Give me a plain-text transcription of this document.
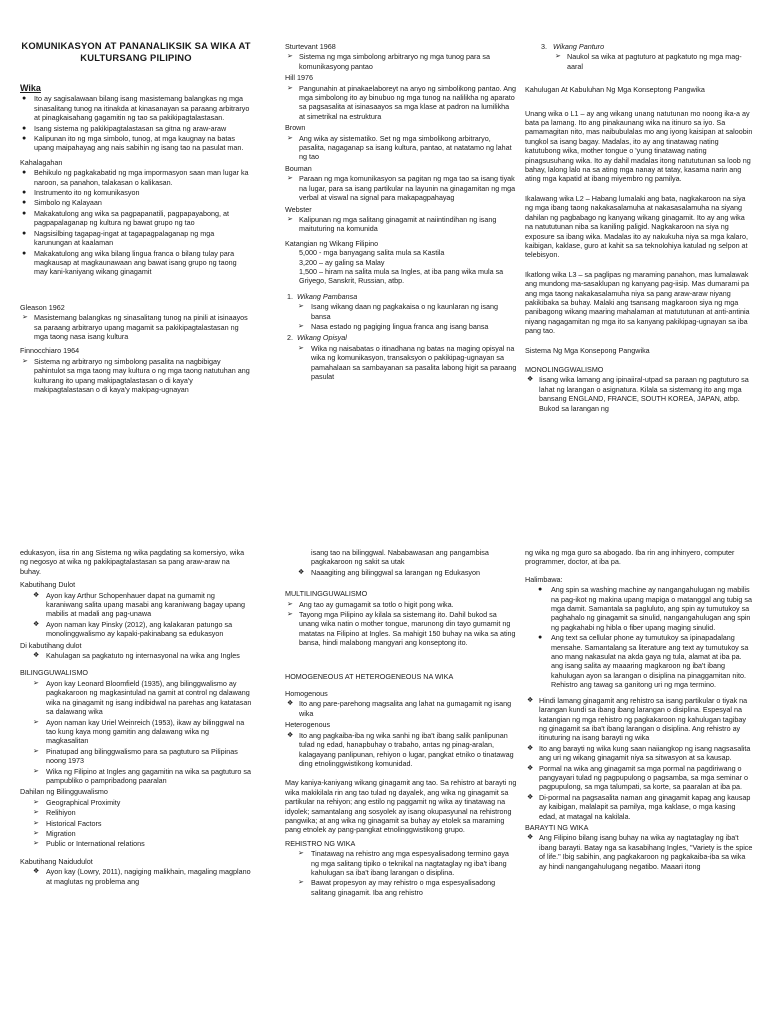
KOMUNIKASYON AT PANANALIKSIK SA WIKA AT KULTURSANG PILIPINO
Wika
● Ito ay sagisalawaan bilang isang masistemang balangkas ng mga sinasalitang tunog na itinakda at kinasanayan sa paraang arbitraryo at pinagkaisahang gagamitin ng tao sa pakikipagtalastasan.
● Isang sistema ng pakikipagtalastasan sa gitna ng araw-araw
● Kalipunan ito ng mga simbolo, tunog, at mga kaugnay na batas upang maipahayag ang nais sabihin ng isang tao na pasulat man.
Kahalagahan
● Behikulo ng pagkakabatid ng mga impormasyon saan man lugar ka naroon, sa panahon, talakasan o kalikasan.
● Instrumento ito ng komunikasyon
● Simbolo ng Kalayaan
● Makakatulong ang wika sa pagpapanatili, pagpapayabong, at pagpapalaganap ng kultura ng bawat grupo ng tao
● Nagsisilbing tagapag-ingat at tagapagpalaganap ng mga karunungan at kaalaman
● Makakatulong ang wika bilang lingua franca o bilang tulay para magkausap at magkaunawaan ang bawat isang grupo ng taong may kani-kaniyang wikang ginagamit
Gleason 1962
➢ Masistemang balangkas ng sinasalitang tunog na pinili at isinaayos sa paraang arbitraryo upang magamit sa pakikipagtalastasan ng mga taong nasa isang kultura
Finnocchiaro 1964
➢ Sistema ng arbitraryo ng simbolong pasalita na nagbibigay pahintulot sa mga taong may kultura o ng mga taong natutuhan ang kulturang ito upang makipagtalastasan o di kaya'y makipagtalastasan o di kaya'y makipag-ugnayan
Sturtevant 1968
➢ Sistema ng mga simbolong arbitraryo ng mga tunog para sa komunikasyong pantao
Hill 1976
➢ Pangunahin at pinakaelaboreyt na anyo ng simbolikong pantao. Ang mga simbolong ito ay binubuo ng mga tunog na nalilikha ng aparato sa pagsasalita at isinasaayos sa mga klase at padron na lumilikha at simetrikal na estruktura
Brown
➢ Ang wika ay sistematiko. Set ng mga simbolikong arbitraryo, pasalita, nagaganap sa isang kultura, pantao, at natatamo ng lahat ng tao
Bouman
➢ Paraan ng mga komunikasyon sa pagitan ng mga tao sa isang tiyak na lugar, para sa isang partikular na layunin na ginagamitan ng mga verbal at viswal na signal para makapagpahayag
Webster
➢ Kalipunan ng mga salitang ginagamit at naiintindihan ng isang maituturing na komunida
Katangian ng Wikang Filipino
5,000 - mga banyagang salita mula sa Kastila
3,200 – ay galing sa Malay
1,500 – hiram na salita mula sa Ingles, at iba pang wika mula sa Griyego, Sanskrit, Russian, atbp.
1. Wikang Pambansa
➢ Isang wikang daan ng pagkakaisa o ng kaunlaran ng isang bansa
➢ Nasa estado ng pagiging lingua franca ang isang bansa
2. Wikang Opisyal
➢ Wika ng naisabatas o itinadhana ng batas na maging opisyal na wika ng komunikasyon, transaksyon o pakikipag-ugnayan sa pamahalaan sa sambayanan sa pasalita labong higit sa paraang pasulat
3. Wikang Panturo
➢ Naukol sa wika at pagtuturo at pagkatuto ng mga mag-aaral
Kahulugan At Kabuluhan Ng Mga Konseptong Pangwika

Unang wika o L1 – ay ang wikang unang natutunan mo noong ika-a ay bata pa lamang. Ito ang pinakaunang wika na itinuro sa iyo. Sa pamamagitan nito, mas naibubulalas mo ang iyong kaisipan at saloobin tungkol sa isang bagay. Madalas, ito ay ang tinatawag nating katutubong wika, mother tongue o 'yung tinatawag nating pinagsusuhang wika. Ito ay dahil madalas itong natututunan sa loob ng bahay, lalong lalo na sa ating mga nanay at tatay, kasama narin ang ating mga kapatid at ibang miyembro ng pamilya.

Ikalawang wika L2 – Habang lumalaki ang bata, nagkakaroon na siya ng mga ibang taong nakakasalamuha at nakasasalamuha na siyang dahilan ng pagbabago ng kanyang wikang ginagamit. Ito ay ang wika na natututunan niba sa kaniling paligid. Nagkakaroon na siya ng exposure sa ibang wika. Madalas ito ay nakukuha niya sa mga kalaro, kaibigan, kaklase, guro at kahit sa sa teknolohiya katulad ng selpon at telebisyon.

Ikatlong wika L3 – sa paglipas ng maraming panahon, mas lumalawak ang mundong ma-sasaklupan ng kanyang pag-iisip. Mas dumarami pa ang mga taong nakakasalamuha niya sa pang araw-araw niyang pakikibaka sa buhay. Malaki ang tsansang magkaroon siya ng mga panibagong wikang maaring mahalaman at matututunan at anti-antinia niyang nagagamitan ng mga ito sa kanyang pakikipag-ugnayan sa iba pang tao.

Sistema Ng Mga Konsepong Pangwika
MONOLINGGWALISMO
❖ Iisang wika lamang ang ipinaiiral-utpad sa paraan ng pagtuturo sa lahat ng larangan o asignatura. Kilala sa sistemang ito ang mga bansang ENGLAND, FRANCE, SOUTH KOREA, JAPAN, atbp. Bukod sa larangan ng

edukasyon, iisa rin ang Sistema ng wika pagdating sa komersiyo, wika ng negosyo at wika ng pakikipagtalastasan sa pang araw-araw na buhay.

Kabutihang Dulot
❖ Ayon kay Arthur Schopenhauer dapat na gumamit ng karaniwang salita upang masabi ang karaniwang bagay upang mabilis at madali ang pag-unawa
❖ Ayon naman kay Pinsky (2012), ang kalakaran patungo sa monolinggwalismo ay kapaki-pakinabang sa edukasyon
Di kabutihang dulot
❖ Kahulagan sa pagkatuto ng internasyonal na wika ang Ingles
BILINGGUWALISMO
➢ Ayon kay Leonard Bloomfield (1935), ang bilinggwalismo ay pagkakaroon ng magkasintulad na gamit at control ng dalawang wika na ginagamit ng isang indibidwal na parehas ang katatasan sa dalawang wika
➢ Ayon naman kay Uriel Weinreich (1953), ikaw ay bilinggwal na tao kung kaya mong gamitin ang dalawang wika ng magkasalitan
➢ Pinatupad ang bilinggwalismo para sa pagtuturo sa Pilipinas noong 1973
➢ Wika ng Filipino at Ingles ang gagamitin na wika sa pagtuturo sa pampubliko o pampribadong paaralan
Dahilan ng Bilingguwalismo
➢ Geographical Proximity
➢ Relihiyon
➢ Historical Factors
➢ Migration
➢ Public or International relations
Kabutihang Naidudulot
❖ Ayon kay (Lowry, 2011), nagiging malikhain, magaling magplano at maglutas ng problema ang
isang tao na bilinggwal. Nababawasan ang pangambisa pagkakaroon ng sakit sa utak
❖ Naaagiting ang bilinggwal sa larangan ng Edukasyon
MULTILINGGUWALISMO
➢ Ang tao ay gumagamit sa totlo o higit pong wika.
➢ Tayong mga Pilipino ay kilala sa sistemang ito. Dahil bukod sa unang wika natin o mother tongue, marunong din tayo gumamit ng matatas na Filipino at Ingles. Sa mahigit 150 buhay na wika sa ating bansa, hindi malabong mangyari ang konseptong ito.
HOMOGENEOUS AT HETEROGENEOUS NA WIKA
Homogenous
❖ Ito ang pare-parehong magsalita ang lahat na gumagamit ng isang wika
Heterogenous
❖ Ito ang pagkaiba-iba ng wika sanhi ng iba't ibang salik panlipunan tulad ng edad, hanapbuhay o trabaho, antas ng pinag-aralan, kalagayang panlipunan, rehiyon o lugar, pangkat etniko o tinatawag ding etnolinggwistikong komunidad.

May kaniya-kaniyang wikang ginagamit ang tao. Sa rehistro at barayti ng wika makikilala rin ang tao tulad ng dayalek, ang wika ng ginagamit sa partikular na rehiyon; ang estilo ng paggamit ng wika ay tinatawag na idyolek; samantalang ang sosyolek ay isang okupasyunal na rehistrong pangwika; at ang wika ng ginagamit sa buhay ay etolek sa maraming pang etnolek ay pang-pangkat etnolinggwistikong grupo.

REHISTRO NG WIKA
➢ Tinatawag na rehistro ang mga espesyalisadong termino gaya ng mga salitang tipiko o teknikal na nagtataglay ng iba't ibang kahulugan sa iba't ibang larangan o disiplina.
➢ Bawat propesyon ay may rehistro o mga espesyalisadong salitang ginagamit. Iba ang rehistro

ng wika ng mga guro sa abogado. Iba rin ang inhinyero, computer programmer, doctor, at iba pa.

Halimbawa:
● Ang spin sa washing machine ay nangangahulugan ng mabilis na pag-ikot ng makina upang mapiga o matanggal ang tubig sa mga damit. Samantala sa pagluluto, ang spin ay tumutukoy sa paghahalo ng ginagamit sa sinulid, nangangahulugan ang spin ng pagkahabi ng hibla o fiber upang maging sinulid.
● Ang text sa cellular phone ay tumutukoy sa ipinapadalang mensahe. Samantalang sa literature ang text ay tumutukoy sa ano mang nakasulat na akda gaya ng tula, alamat at iba pa. ang isang salita ay maaaring magkaroon ng iba't ibang kahulugan ayon sa larangan o disiplina na pinaggamitan nito. Rehistro ang tawag sa ganitong uri ng mga termino.
❖ Hindi lamang ginagamit ang rehistro sa isang partikular o tiyak na larangan kundi sa ibang ibang larangan o disiplina. Espesyal na katangian ng mga rehistro ng pagkakaroon ng kahulugan tagibay ng ginagamit sa iba't ibang larangan o disiplina. Ang rehistro ay itinuturing na isang barayti ng wika
❖ Ito ang barayti ng wika kung saan naiiangkop ng isang nagsasalita ang uri ng wikang ginagamit niya sa sitwasyon at sa kausap.
❖ Pormal na wika ang ginagamit sa mga pormal na pagdiriwang o pangyayari tulad ng pagpupulong o pagsamba, sa mga seminar o pagpupulong, sa mga talumpati, sa korte, sa paaralan at iba pa.
❖ Di-pormal na pagsasalita naman ang ginagamit kapag ang kausap ay kaibigan, malalapit sa pamilya, mga kaklase, o mga kasing edad, at matagal na kakilala.
BARAYTI NG WIKA
❖ Ang Filipino bilang isang buhay na wika ay nagtataglay ng iba't ibang barayti. Batay nga sa kasabihang Ingles, "Variety is the spice of life." Ibig sabihin, ang pagkakaroon ng pagkakaiba-iba sa wika ay hindi nangangahulugang negatibo. Maaari itong
